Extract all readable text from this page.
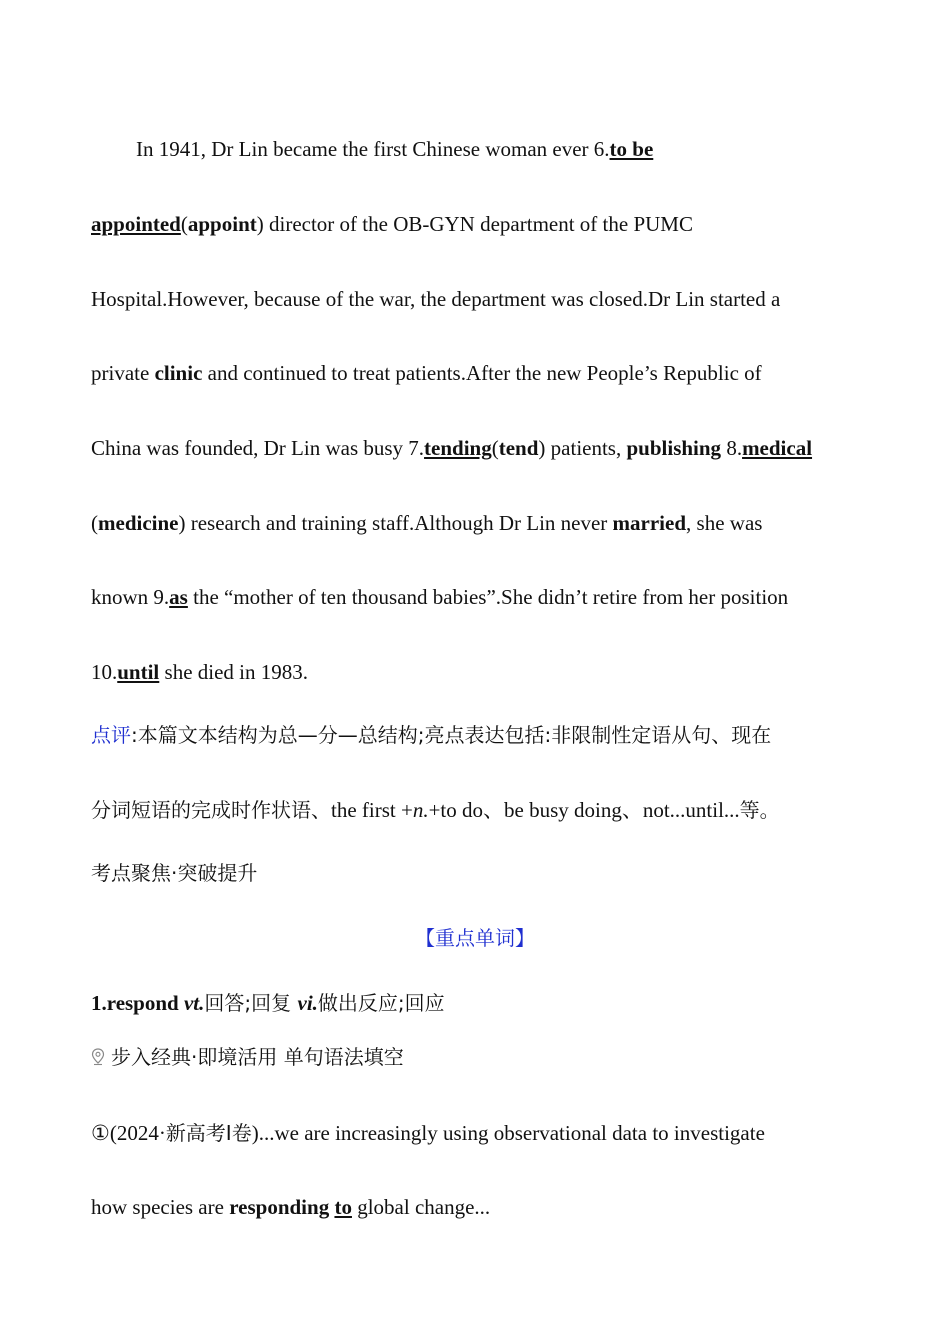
In 1941, Dr Lin became the first Chinese woman ever 6.to be
appointed(appoint) director of the OB-GYN department of the PUMC
Hospital.However, because of the war, the department was closed.Dr Lin started a
private clinic and continued to treat patients.After the new People’s Republic of
China was founded, Dr Lin was busy 7.tending(tend) patients, publishing 8.medical
(medicine) research and training staff.Although Dr Lin never married, she was
known 9.as the “mother of ten thousand babies”.She didn’t retire from her position
10.until she died in 1983.
点评:本篇文本结构为总—分—总结构;亮点表达包括:非限制性定语从句、现在
分词短语的完成时作状语、the first +n.+to do、be busy doing、not...until...等。
考点聚焦·突破提升
【重点单词】
1.respond vt.回答;回复 vi.做出反应;回应
步入经典·即境活用 单句语法填空
①(2024·新高考Ⅰ卷)...we are increasingly using observational data to investigate
how species are responding to global change...
